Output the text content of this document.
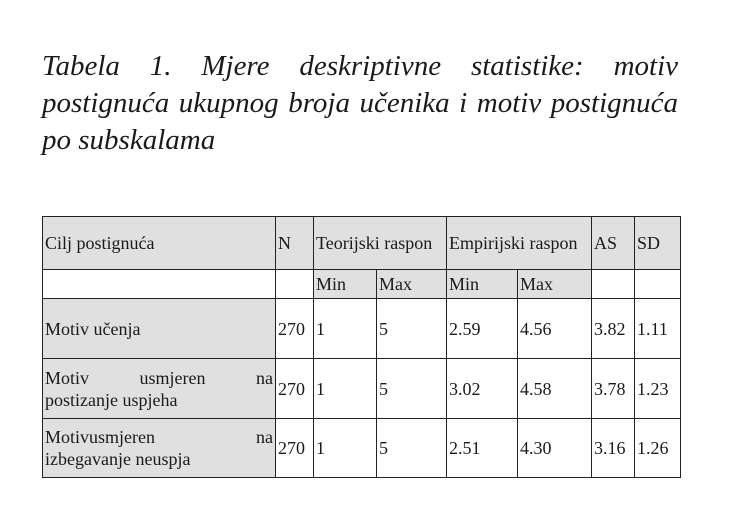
Tabela 1. Mjere deskriptivne statistike: motiv postignuća ukupnog broja učenika i motiv postignuća po subskalama
Cilj postignuća	N	Teorijski raspon		Empirijski raspon		AS	SD
		Min	Max	Min	Max		
Motiv učenja	270	1	5	2.59	4.56	3.82	1.11

Motiv usmjeren na
postizanje uspjeha	270	1	5	3.02	4.58	3.78	1.23

Motivusmjeren na
izbegavanje neuspja	270	1	5	2.51	4.30	3.16	1.26
